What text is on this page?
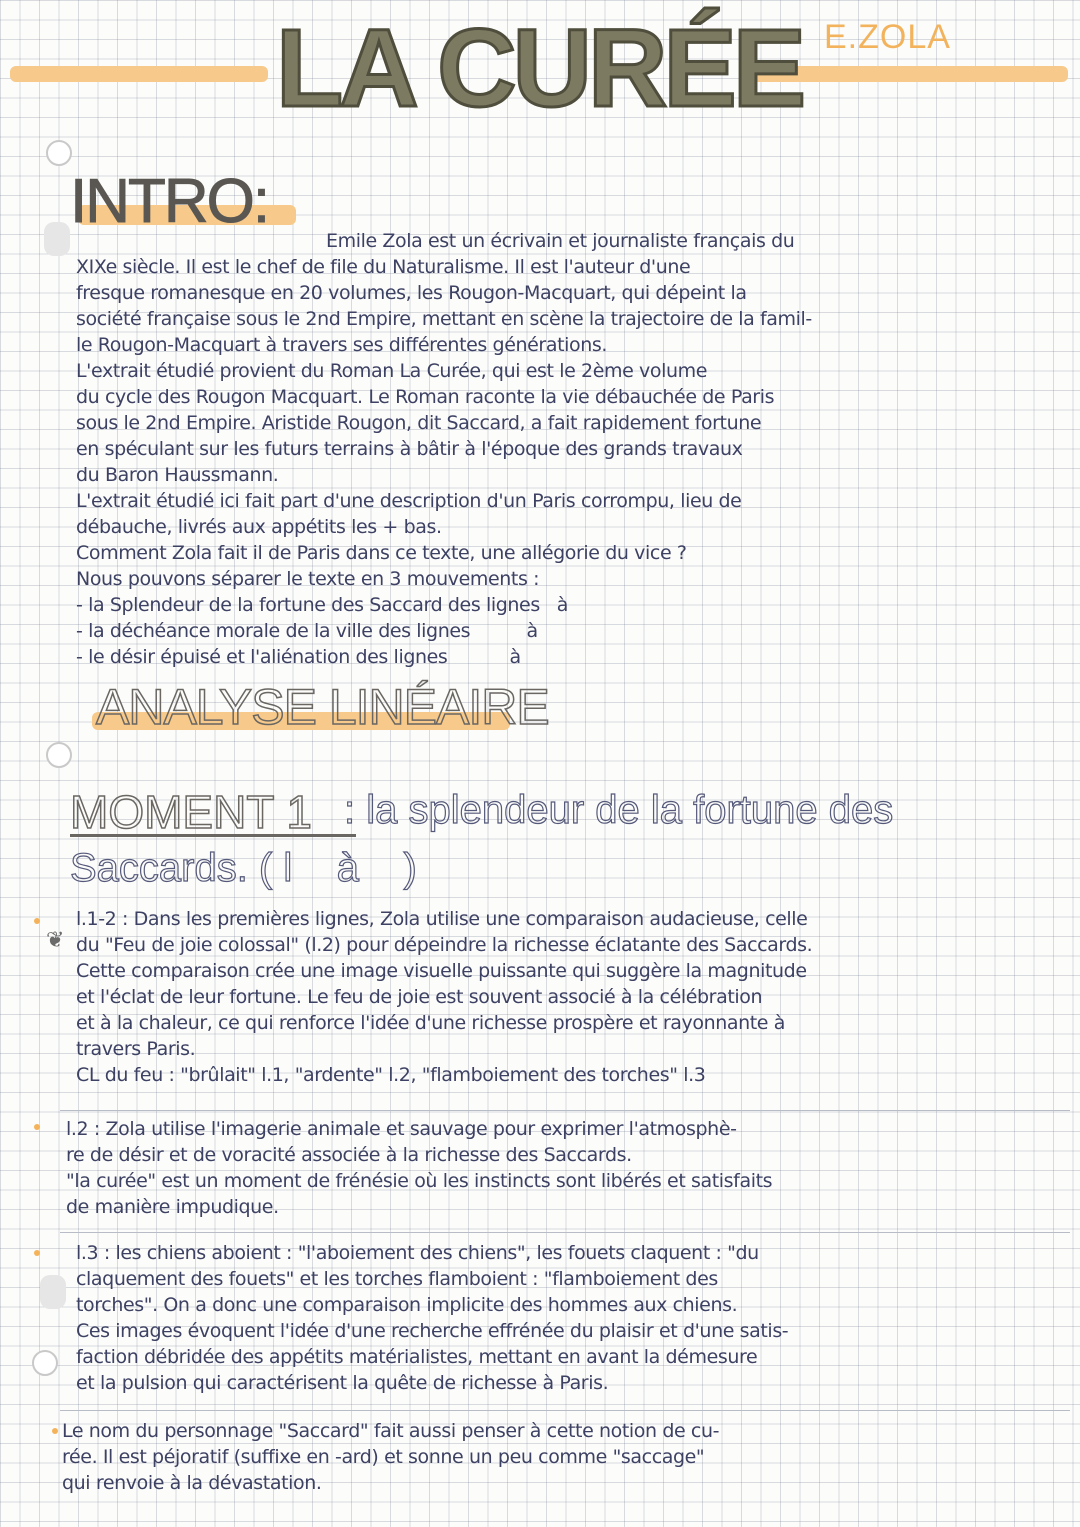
LA CURÉE E.ZOLA
INTRO:
Emile Zola est un écrivain et journaliste français du
XIXe siècle. Il est le chef de file du Naturalisme. Il est l'auteur d'une
fresque romanesque en 20 volumes, les Rougon-Macquart, qui dépeint la
société française sous le 2nd Empire, mettant en scène la trajectoire de la famil-
le Rougon-Macquart à travers ses différentes générations.
L'extrait étudié provient du Roman La Curée, qui est le 2ème volume
du cycle des Rougon Macquart. Le Roman raconte la vie débauchée de Paris
sous le 2nd Empire. Aristide Rougon, dit Saccard, a fait rapidement fortune
en spéculant sur les futurs terrains à bâtir à l'époque des grands travaux
du Baron Haussmann.
L'extrait étudié ici fait part d'une description d'un Paris corrompu, lieu de
débauche, livrés aux appétits les + bas.
Comment Zola fait il de Paris dans ce texte, une allégorie du vice ?
Nous pouvons séparer le texte en 3 mouvements :
- la Splendeur de la fortune des Saccard des lignes   à
- la déchéance morale de la ville des lignes          à
- le désir épuisé et l'aliénation des lignes           à
ANALYSE LINÉAIRE
MOMENT 1 : la splendeur de la fortune des
Saccards. ( l    à    )
❦
l.1-2 : Dans les premières lignes, Zola utilise une comparaison audacieuse, celle
du "Feu de joie colossal" (l.2) pour dépeindre la richesse éclatante des Saccards.
Cette comparaison crée une image visuelle puissante qui suggère la magnitude
et l'éclat de leur fortune. Le feu de joie est souvent associé à la célébration
et à la chaleur, ce qui renforce l'idée d'une richesse prospère et rayonnante à
travers Paris.
CL du feu : "brûlait" l.1, "ardente" l.2, "flamboiement des torches" l.3
l.2 : Zola utilise l'imagerie animale et sauvage pour exprimer l'atmosphè-
re de désir et de voracité associée à la richesse des Saccards.
"la curée" est un moment de frénésie où les instincts sont libérés et satisfaits
de manière impudique.
l.3 : les chiens aboient : "l'aboiement des chiens", les fouets claquent : "du
claquement des fouets" et les torches flamboient : "flamboiement des
torches". On a donc une comparaison implicite des hommes aux chiens.
Ces images évoquent l'idée d'une recherche effrénée du plaisir et d'une satis-
faction débridée des appétits matérialistes, mettant en avant la démesure
et la pulsion qui caractérisent la quête de richesse à Paris.
Le nom du personnage "Saccard" fait aussi penser à cette notion de cu-
rée. Il est péjoratif (suffixe en -ard) et sonne un peu comme "saccage"
qui renvoie à la dévastation.
